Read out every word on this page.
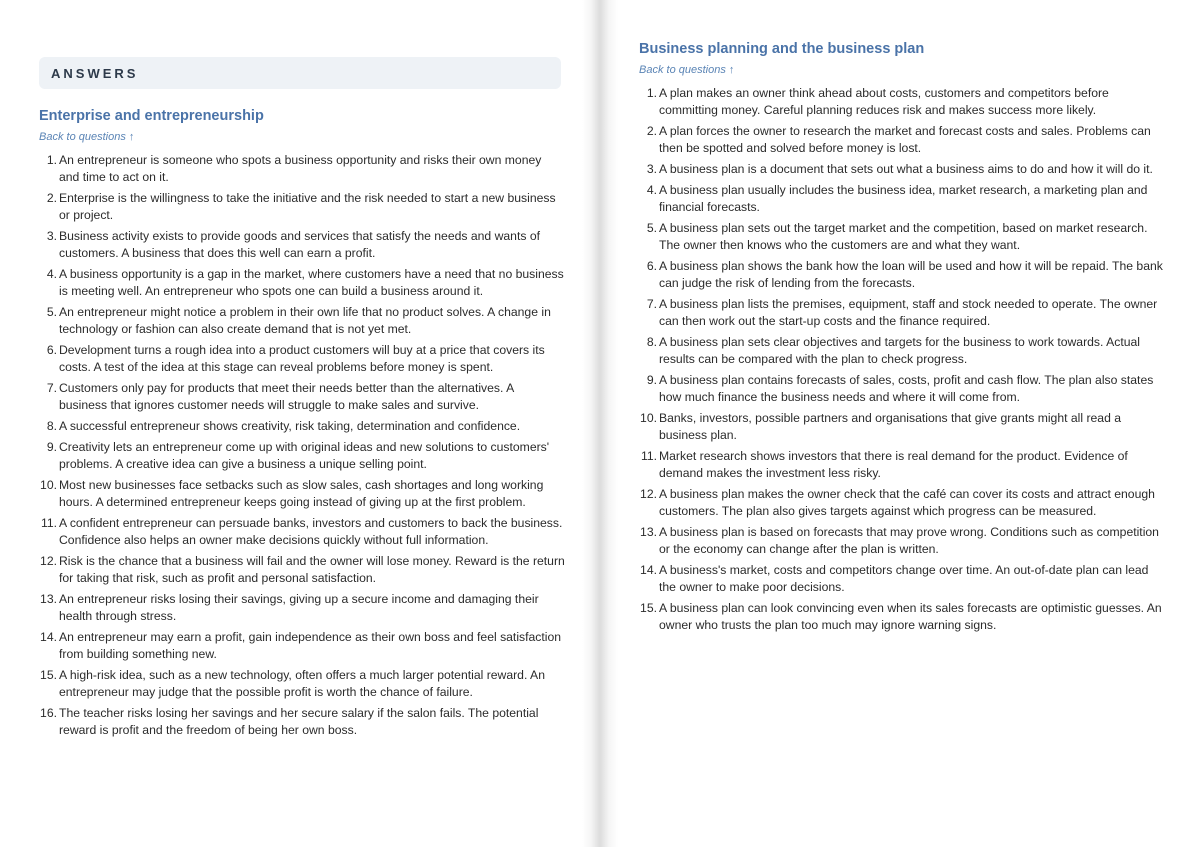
ANSWERS
Enterprise and entrepreneurship
Back to questions ↑
1. An entrepreneur is someone who spots a business opportunity and risks their own money and time to act on it.
2. Enterprise is the willingness to take the initiative and the risk needed to start a new business or project.
3. Business activity exists to provide goods and services that satisfy the needs and wants of customers. A business that does this well can earn a profit.
4. A business opportunity is a gap in the market, where customers have a need that no business is meeting well. An entrepreneur who spots one can build a business around it.
5. An entrepreneur might notice a problem in their own life that no product solves. A change in technology or fashion can also create demand that is not yet met.
6. Development turns a rough idea into a product customers will buy at a price that covers its costs. A test of the idea at this stage can reveal problems before money is spent.
7. Customers only pay for products that meet their needs better than the alternatives. A business that ignores customer needs will struggle to make sales and survive.
8. A successful entrepreneur shows creativity, risk taking, determination and confidence.
9. Creativity lets an entrepreneur come up with original ideas and new solutions to customers' problems. A creative idea can give a business a unique selling point.
10. Most new businesses face setbacks such as slow sales, cash shortages and long working hours. A determined entrepreneur keeps going instead of giving up at the first problem.
11. A confident entrepreneur can persuade banks, investors and customers to back the business. Confidence also helps an owner make decisions quickly without full information.
12. Risk is the chance that a business will fail and the owner will lose money. Reward is the return for taking that risk, such as profit and personal satisfaction.
13. An entrepreneur risks losing their savings, giving up a secure income and damaging their health through stress.
14. An entrepreneur may earn a profit, gain independence as their own boss and feel satisfaction from building something new.
15. A high-risk idea, such as a new technology, often offers a much larger potential reward. An entrepreneur may judge that the possible profit is worth the chance of failure.
16. The teacher risks losing her savings and her secure salary if the salon fails. The potential reward is profit and the freedom of being her own boss.
Business planning and the business plan
Back to questions ↑
1. A plan makes an owner think ahead about costs, customers and competitors before committing money. Careful planning reduces risk and makes success more likely.
2. A plan forces the owner to research the market and forecast costs and sales. Problems can then be spotted and solved before money is lost.
3. A business plan is a document that sets out what a business aims to do and how it will do it.
4. A business plan usually includes the business idea, market research, a marketing plan and financial forecasts.
5. A business plan sets out the target market and the competition, based on market research. The owner then knows who the customers are and what they want.
6. A business plan shows the bank how the loan will be used and how it will be repaid. The bank can judge the risk of lending from the forecasts.
7. A business plan lists the premises, equipment, staff and stock needed to operate. The owner can then work out the start-up costs and the finance required.
8. A business plan sets clear objectives and targets for the business to work towards. Actual results can be compared with the plan to check progress.
9. A business plan contains forecasts of sales, costs, profit and cash flow. The plan also states how much finance the business needs and where it will come from.
10. Banks, investors, possible partners and organisations that give grants might all read a business plan.
11. Market research shows investors that there is real demand for the product. Evidence of demand makes the investment less risky.
12. A business plan makes the owner check that the café can cover its costs and attract enough customers. The plan also gives targets against which progress can be measured.
13. A business plan is based on forecasts that may prove wrong. Conditions such as competition or the economy can change after the plan is written.
14. A business's market, costs and competitors change over time. An out-of-date plan can lead the owner to make poor decisions.
15. A business plan can look convincing even when its sales forecasts are optimistic guesses. An owner who trusts the plan too much may ignore warning signs.
